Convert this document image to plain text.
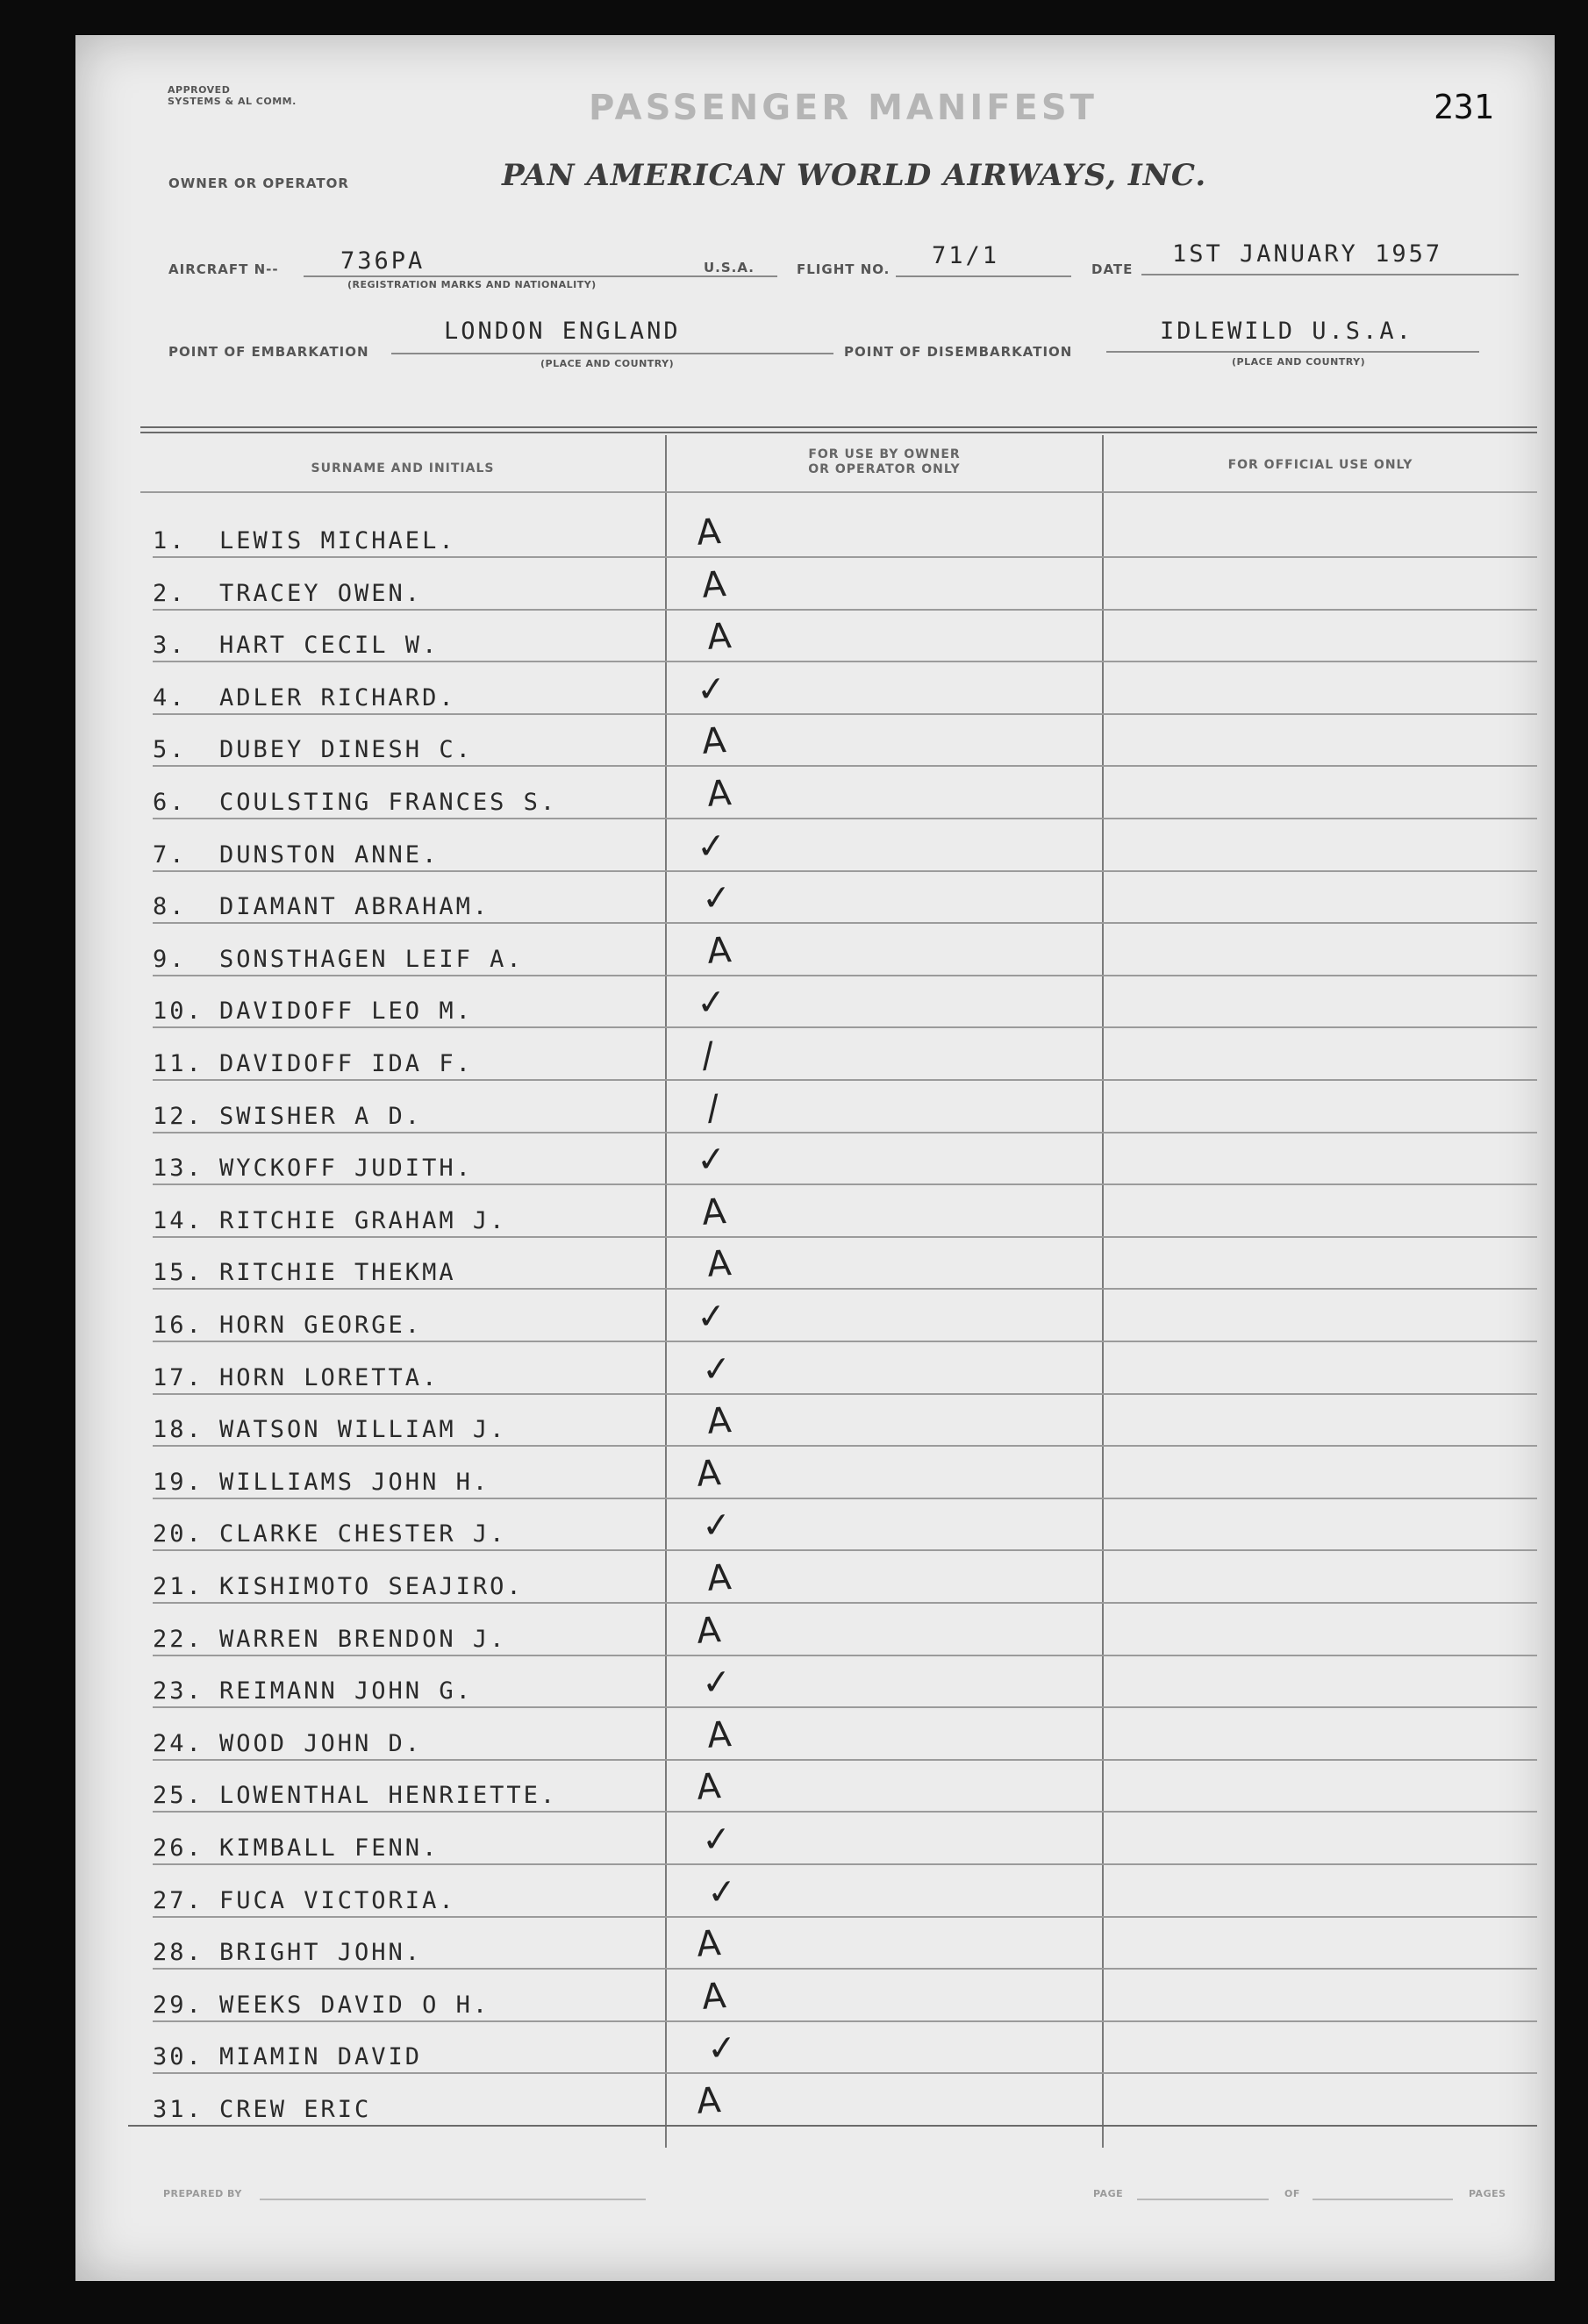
APPROVED
SYSTEMS & AL COMM.	231
PASSENGER MANIFEST
OWNER OR OPERATOR	PAN AMERICAN WORLD AIRWAYS, INC.
AIRCRAFT N--	736PA
(REGISTRATION MARKS AND NATIONALITY)
U.S.A.	FLIGHT NO. 71/1	DATE
1ST JANUARY 1957
POINT OF EMBARKATION
LONDON ENGLAND
(PLACE AND COUNTRY)
POINT OF DISEMBARKATION
IDLEWILD U.S.A.
(PLACE AND COUNTRY)
SURNAME AND INITIALS
FOR USE BY OWNER
OR OPERATOR ONLY	FOR OFFICIAL USE ONLY
1. LEWIS MICHAEL.	A
2. TRACEY OWEN.	A
3. HART CECIL W.	A
4. ADLER RICHARD.	✓
5. DUBEY DINESH C.	A
6. COULSTING FRANCES S.	A
7. DUNSTON ANNE.	✓
8. DIAMANT ABRAHAM.	✓
9. SONSTHAGEN LEIF A.	A
10. DAVIDOFF LEO M.	✓
11. DAVIDOFF IDA F.	/
12. SWISHER A D.	/
13. WYCKOFF JUDITH.	✓
14. RITCHIE GRAHAM J.	A
15. RITCHIE THEKMA	A
16. HORN GEORGE.	✓
17. HORN LORETTA.	✓
18. WATSON WILLIAM J.	A
19. WILLIAMS JOHN H.	A
20. CLARKE CHESTER J.	✓
21. KISHIMOTO SEAJIRO.	A
22. WARREN BRENDON J.	A
23. REIMANN JOHN G.	✓
24. WOOD JOHN D.	A
25. LOWENTHAL HENRIETTE.	A
26. KIMBALL FENN.	✓
27. FUCA VICTORIA.	✓
28. BRIGHT JOHN.	A
29. WEEKS DAVID O H.	A
30. MIAMIN DAVID	✓
31. CREW ERIC	A
PREPARED BY	PAGE	OF	PAGES
